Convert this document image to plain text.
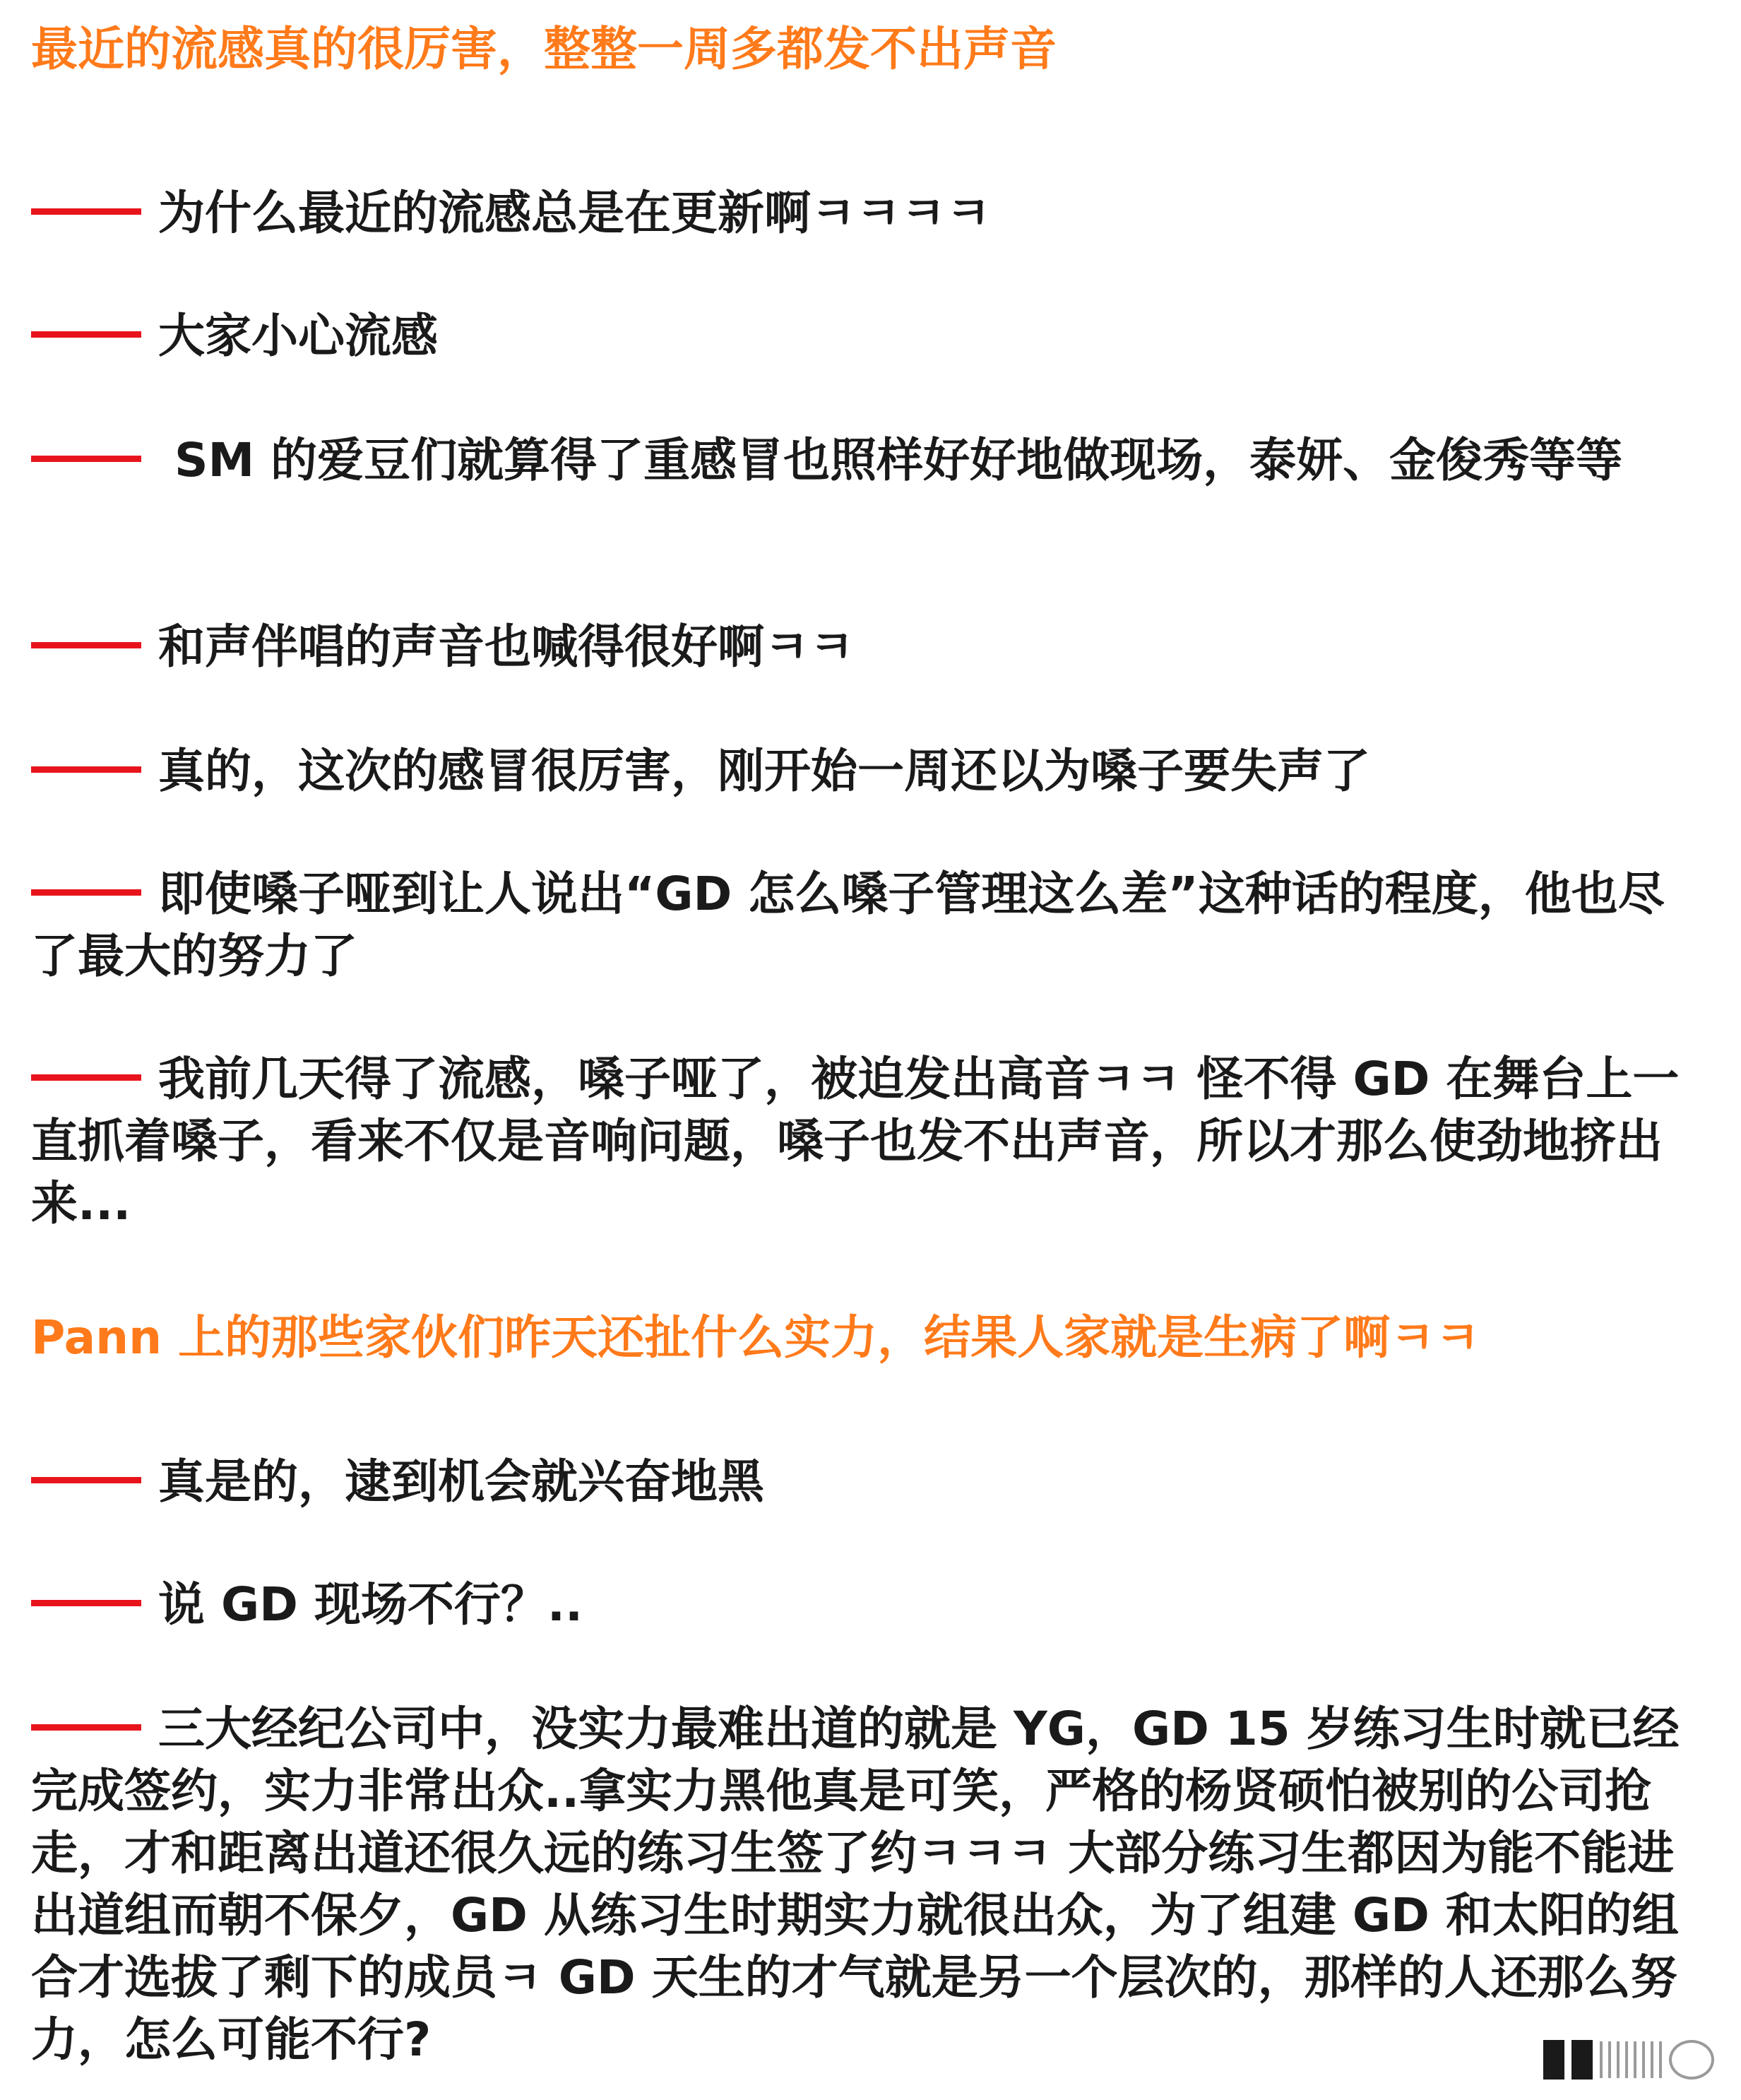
最近的流感真的很厉害，整整一周多都发不出声音
为什么最近的流感总是在更新啊ㅋㅋㅋㅋ
大家小心流感
SM 的爱豆们就算得了重感冒也照样好好地做现场，泰妍、金俊秀等等
和声伴唱的声音也喊得很好啊ㅋㅋ
真的，这次的感冒很厉害，刚开始一周还以为嗓子要失声了
即使嗓子哑到让人说出“GD 怎么嗓子管理这么差”这种话的程度，他也尽了最大的努力了
我前几天得了流感，嗓子哑了，被迫发出高音ㅋㅋ 怪不得 GD 在舞台上一直抓着嗓子，看来不仅是音响问题，嗓子也发不出声音，所以才那么使劲地挤出来...
Pann 上的那些家伙们昨天还扯什么实力，结果人家就是生病了啊ㅋㅋ
真是的，逮到机会就兴奋地黑
说 GD 现场不行？..
三大经纪公司中，没实力最难出道的就是 YG，GD 15 岁练习生时就已经完成签约，实力非常出众..拿实力黑他真是可笑，严格的杨贤硕怕被别的公司抢走，才和距离出道还很久远的练习生签了约ㅋㅋㅋ 大部分练习生都因为能不能进出道组而朝不保夕，GD 从练习生时期实力就很出众，为了组建 GD 和太阳的组合才选拔了剩下的成员ㅋ GD 天生的才气就是另一个层次的，那样的人还那么努力，怎么可能不行?
